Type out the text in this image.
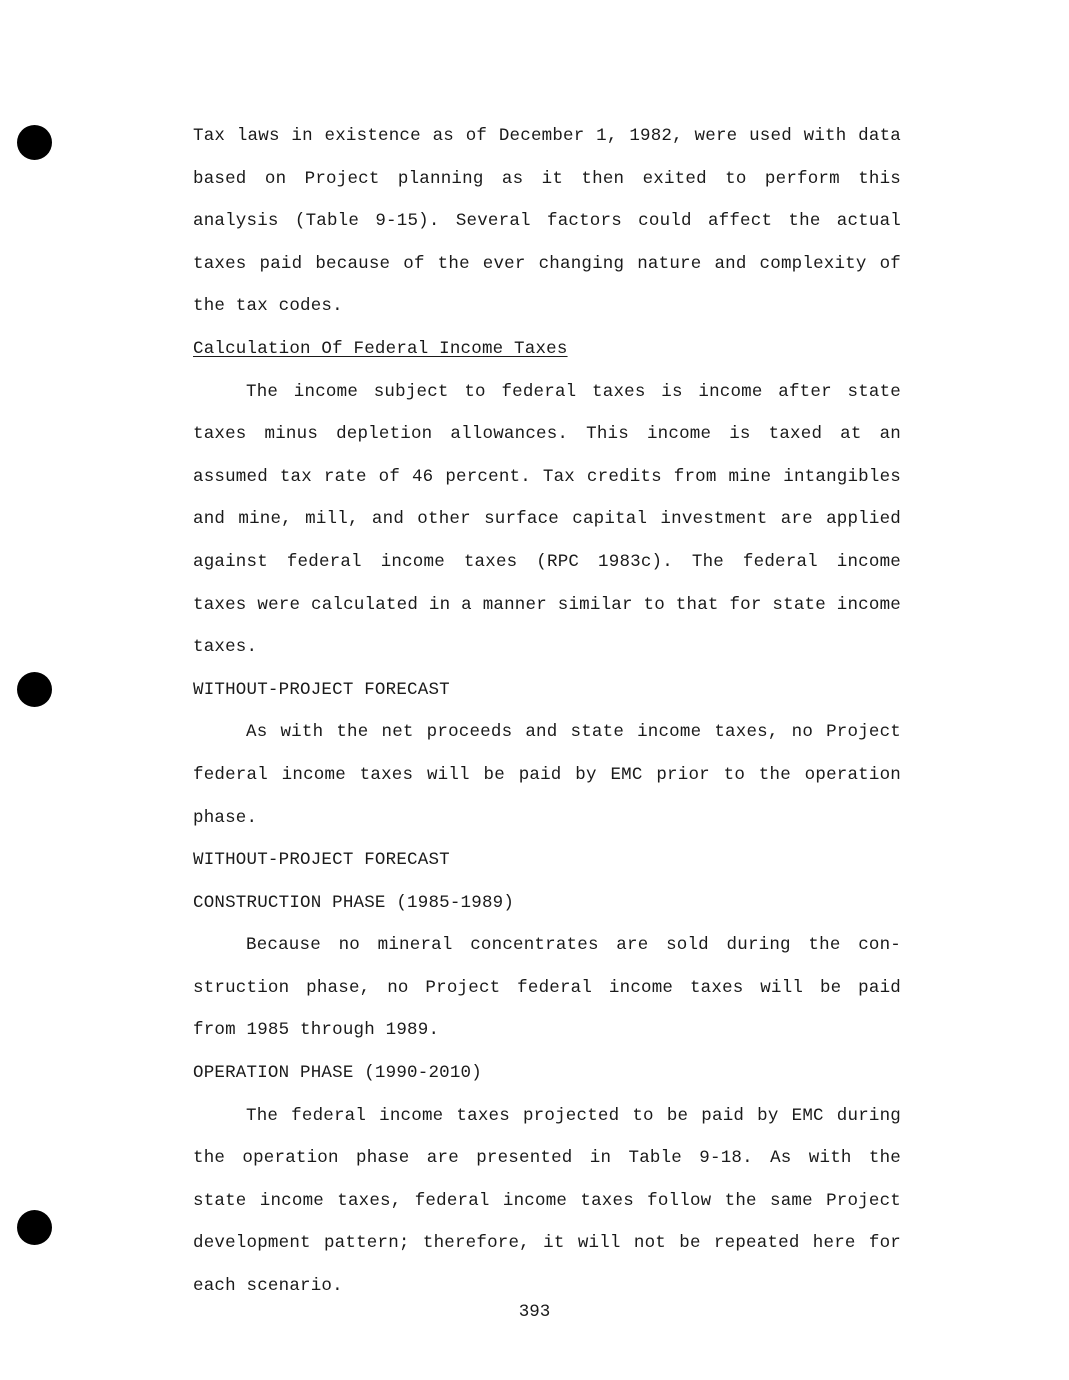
Tax laws in existence as of December 1, 1982, were used with data
based on Project planning as it then exited to perform this
analysis (Table 9-15). Several factors could affect the actual
taxes paid because of the ever changing nature and complexity of
the tax codes.
Calculation Of Federal Income Taxes
The income subject to federal taxes is income after state
taxes minus depletion allowances. This income is taxed at an
assumed tax rate of 46 percent. Tax credits from mine intangibles
and mine, mill, and other surface capital investment are applied
against federal income taxes (RPC 1983c). The federal income
taxes were calculated in a manner similar to that for state income
taxes.
WITHOUT-PROJECT FORECAST
As with the net proceeds and state income taxes, no Project
federal income taxes will be paid by EMC prior to the operation
phase.
WITHOUT-PROJECT FORECAST
CONSTRUCTION PHASE (1985-1989)
Because no mineral concentrates are sold during the con-
struction phase, no Project federal income taxes will be paid
from 1985 through 1989.
OPERATION PHASE (1990-2010)
The federal income taxes projected to be paid by EMC during
the operation phase are presented in Table 9-18. As with the
state income taxes, federal income taxes follow the same Project
development pattern; therefore, it will not be repeated here for
each scenario.
393
